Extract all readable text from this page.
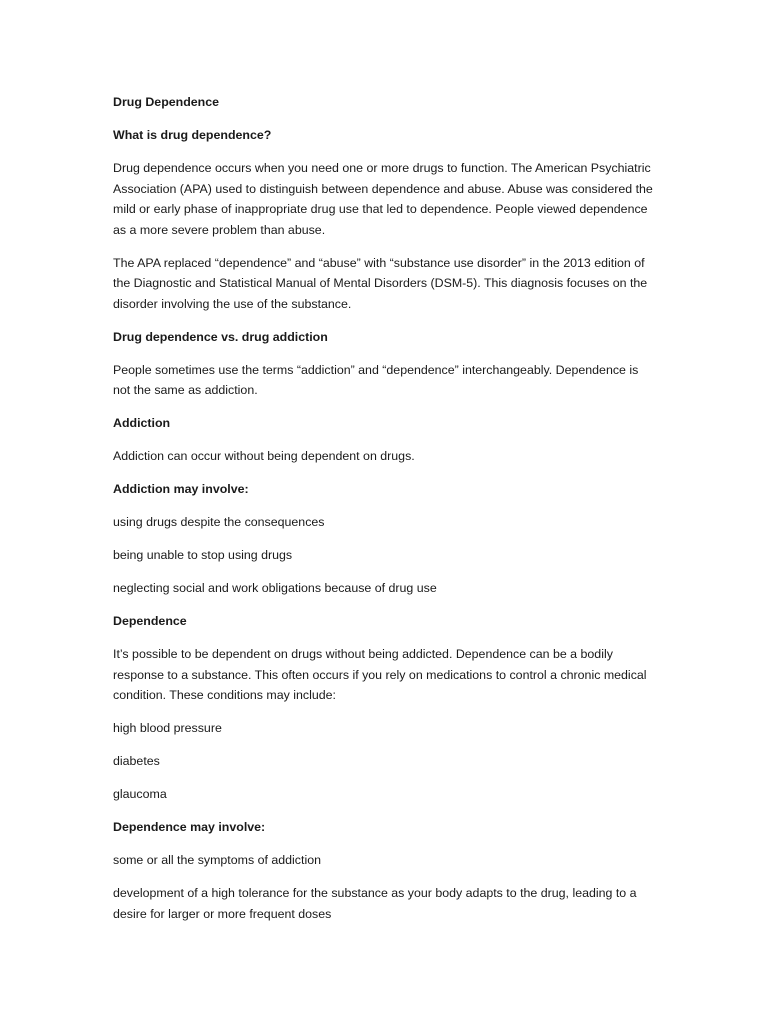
Drug Dependence

What is drug dependence?

Drug dependence occurs when you need one or more drugs to function. The American Psychiatric Association (APA) used to distinguish between dependence and abuse. Abuse was considered the mild or early phase of inappropriate drug use that led to dependence. People viewed dependence as a more severe problem than abuse.

The APA replaced “dependence” and “abuse” with “substance use disorder” in the 2013 edition of the Diagnostic and Statistical Manual of Mental Disorders (DSM-5). This diagnosis focuses on the disorder involving the use of the substance.

Drug dependence vs. drug addiction

People sometimes use the terms “addiction” and “dependence” interchangeably. Dependence is not the same as addiction.

Addiction

Addiction can occur without being dependent on drugs.

Addiction may involve:

using drugs despite the consequences

being unable to stop using drugs

neglecting social and work obligations because of drug use

Dependence

It’s possible to be dependent on drugs without being addicted. Dependence can be a bodily response to a substance. This often occurs if you rely on medications to control a chronic medical condition. These conditions may include:

high blood pressure

diabetes

glaucoma

Dependence may involve:

some or all the symptoms of addiction

development of a high tolerance for the substance as your body adapts to the drug, leading to a desire for larger or more frequent doses
